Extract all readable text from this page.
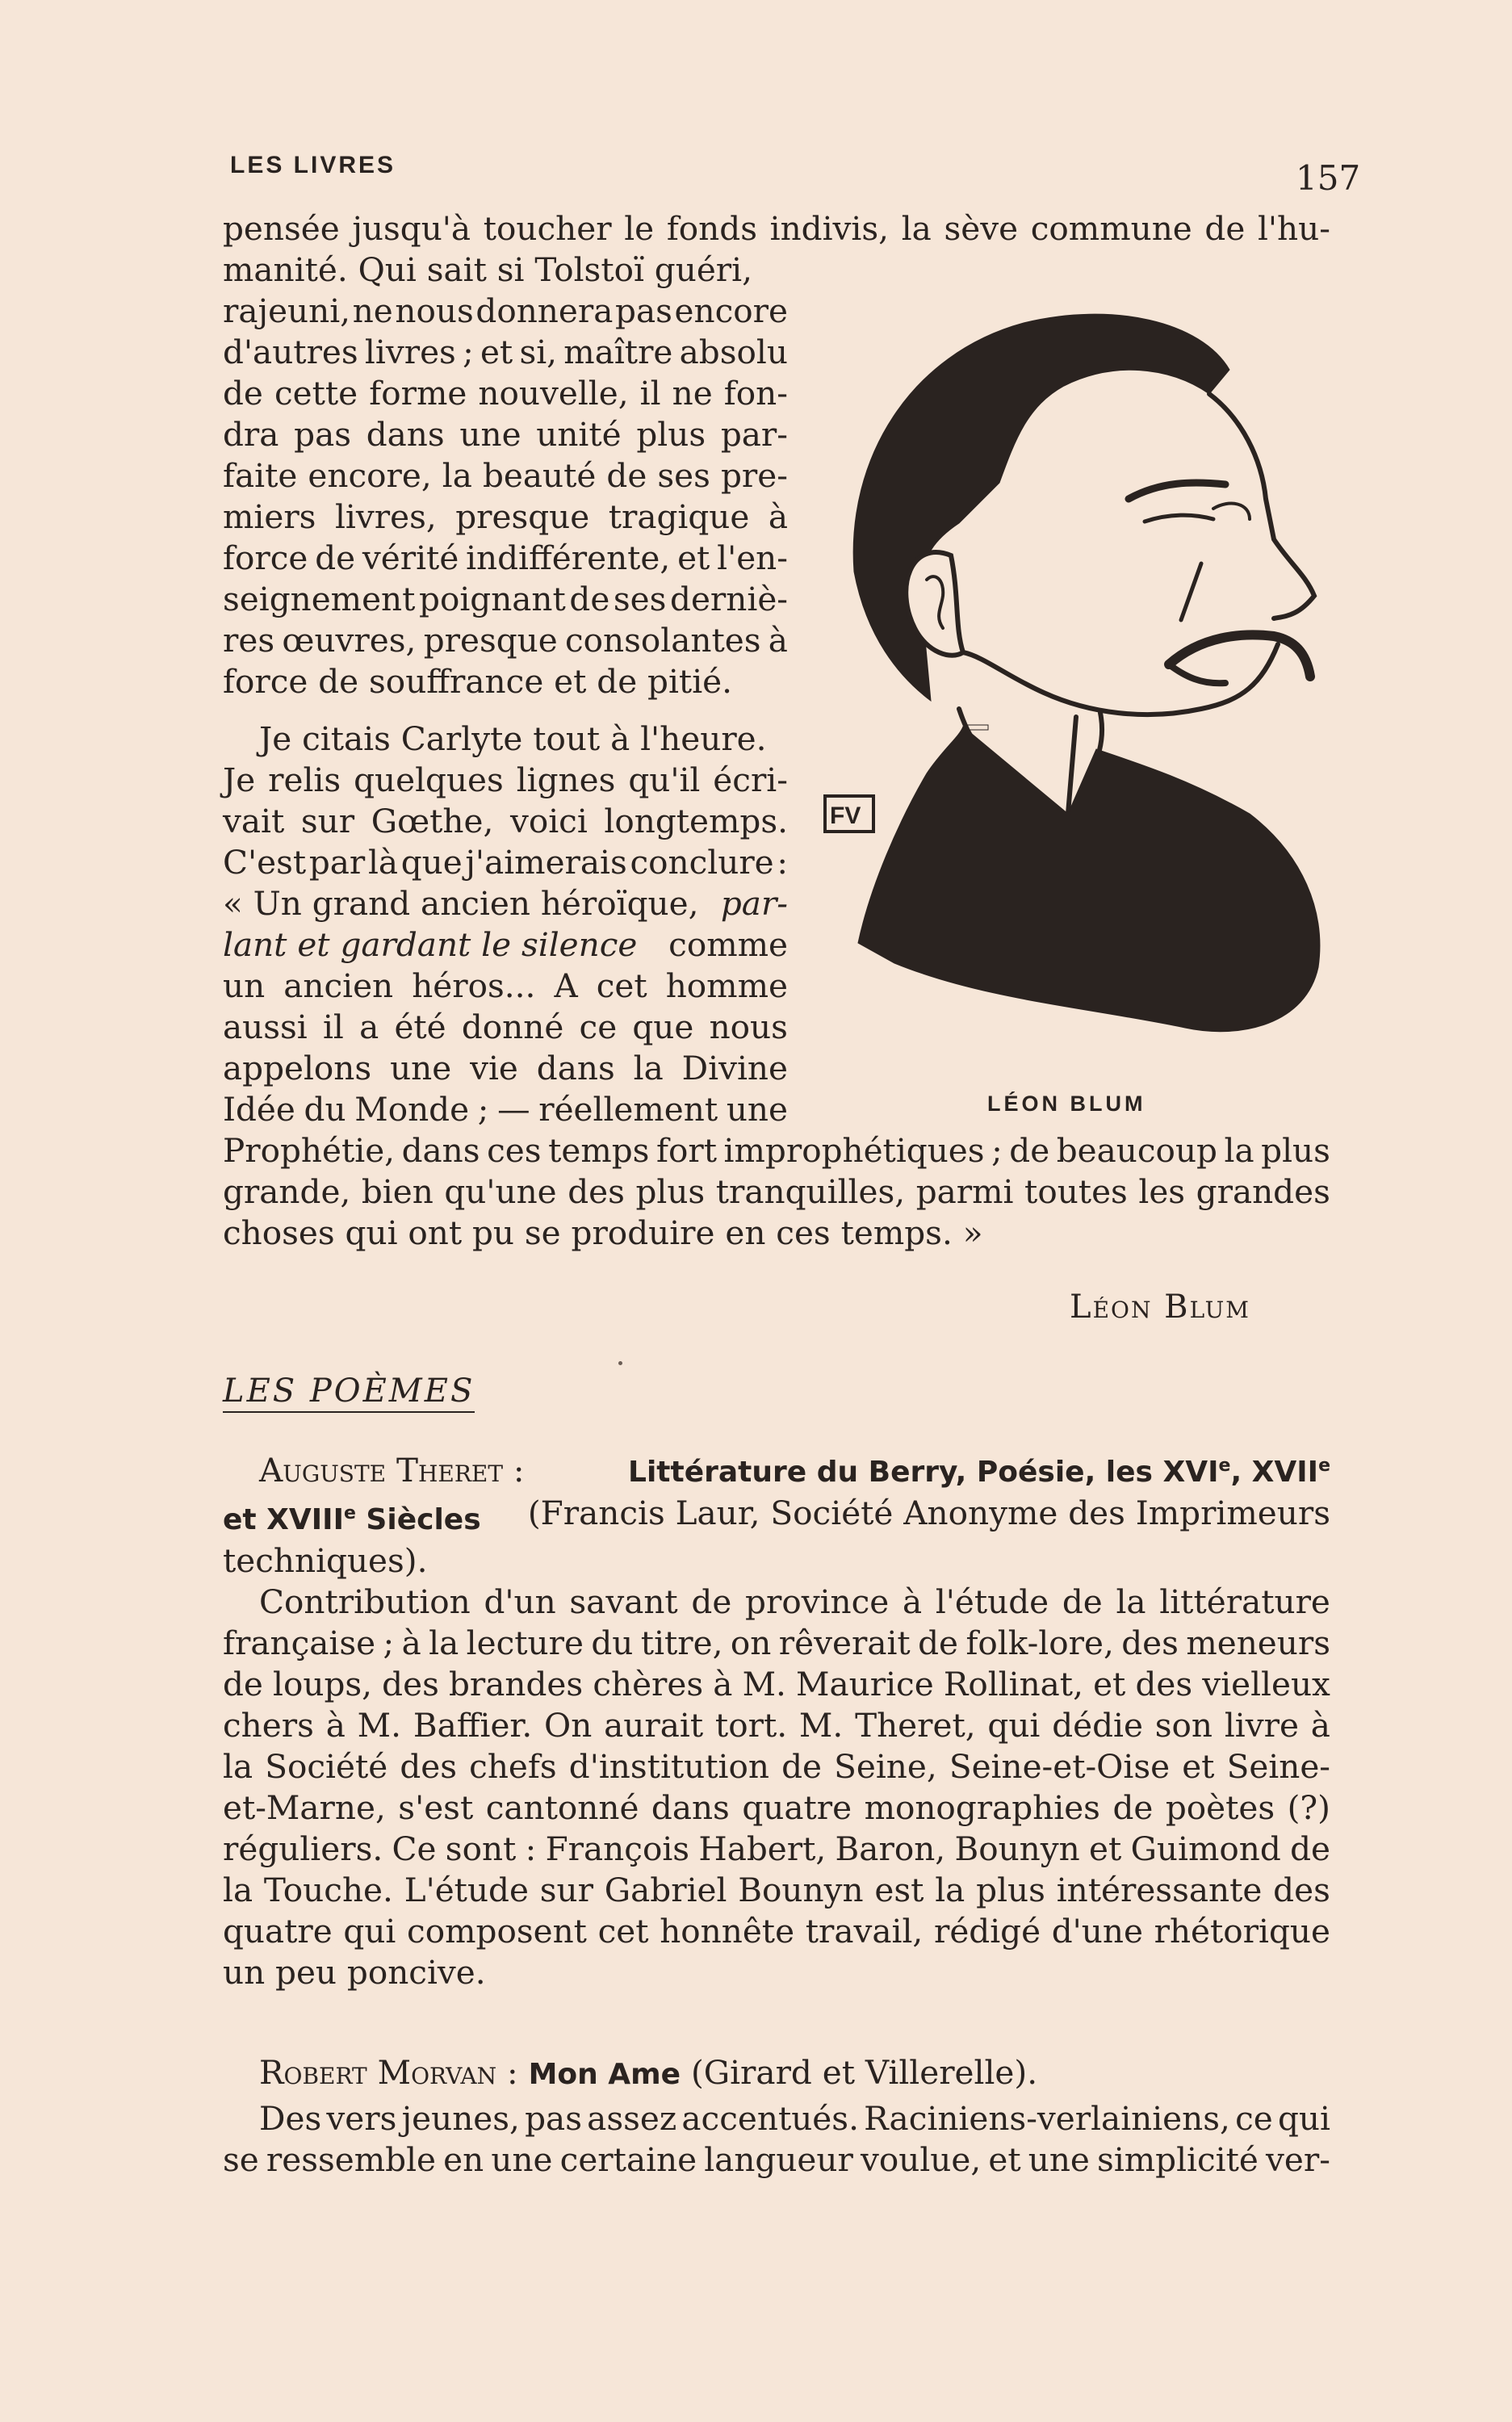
LES LIVRES	157
pensée jusqu'à toucher le fonds indivis, la sève commune de l'hu-
manité. Qui sait si Tolstoï guéri,
rajeuni, ne nous donnera pas encore
d'autres livres ; et si, maître absolu
de cette forme nouvelle, il ne fon-
dra pas dans une unité plus par-
faite encore, la beauté de ses pre-
miers livres, presque tragique à
force de vérité indifférente, et l'en-
seignement poignant de ses derniè-
res œuvres, presque consolantes à
force de souffrance et de pitié.
Je citais Carlyte tout à l'heure.
Je relis quelques lignes qu'il écri-
vait sur Gœthe, voici longtemps.
C'est par là que j'aimerais conclure :
« Un grand ancien héroïque, par-
lant et gardant le silence comme
un ancien héros... A cet homme
aussi il a été donné ce que nous
appelons une vie dans la Divine
Idée du Monde ; — réellement une
Prophétie, dans ces temps fort improphétiques ; de beaucoup la plus
grande, bien qu'une des plus tranquilles, parmi toutes les grandes
choses qui ont pu se produire en ces temps. »
FV
LÉON BLUM
Léon Blum
LES POÈMES
Auguste Theret :	Littérature du Berry, Poésie, les XVIe, XVIIe
et XVIIIe Siècles (Francis Laur, Société Anonyme des Imprimeurs
techniques).
Contribution d'un savant de province à l'étude de la littérature
française ; à la lecture du titre, on rêverait de folk-lore, des meneurs
de loups, des brandes chères à M. Maurice Rollinat, et des vielleux
chers à M. Baffier. On aurait tort. M. Theret, qui dédie son livre à
la Société des chefs d'institution de Seine, Seine-et-Oise et Seine-
et-Marne, s'est cantonné dans quatre monographies de poètes (?)
réguliers. Ce sont : François Habert, Baron, Bounyn et Guimond de
la Touche. L'étude sur Gabriel Bounyn est la plus intéressante des
quatre qui composent cet honnête travail, rédigé d'une rhétorique
un peu poncive.
Robert Morvan : Mon Ame (Girard et Villerelle).
Des vers jeunes, pas assez accentués. Raciniens-verlainiens, ce qui
se ressemble en une certaine langueur voulue, et une simplicité ver-
